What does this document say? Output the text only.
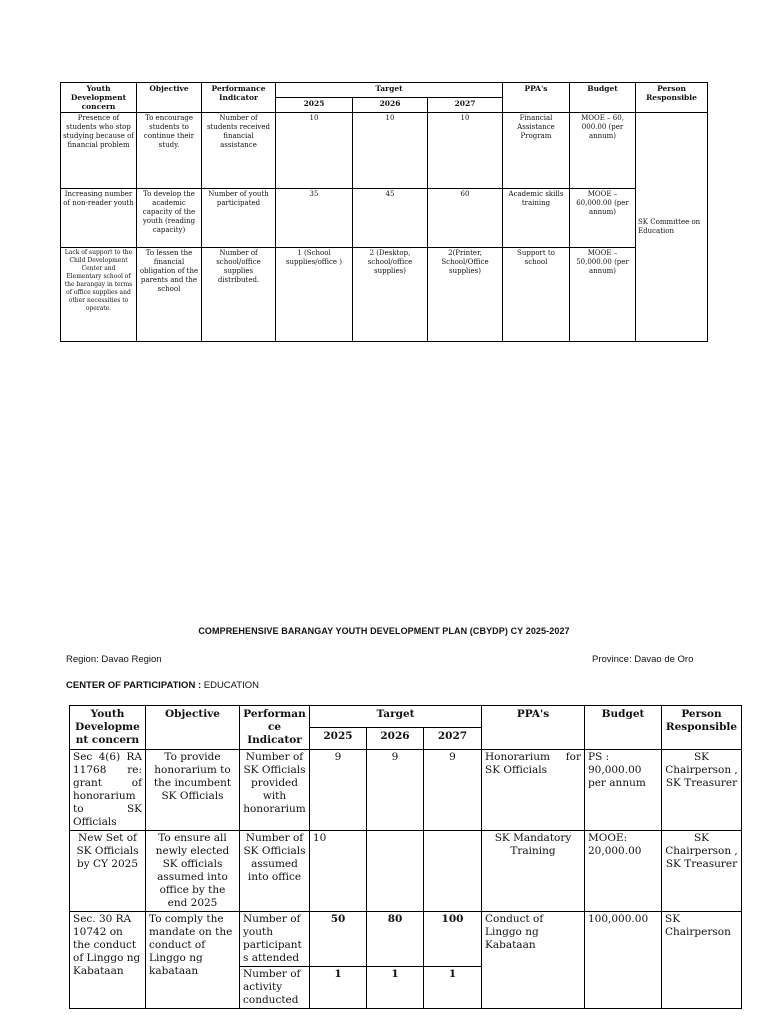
Youth Development concern	Objective	Performance Indicator	Target			PPA's	Budget	Person Responsible
			2025	2026	2027			
Presence of students who stop studying because of financial problem	To encourage students to continue their study.	Number of students received financial assistance	10	10	10	Financial Assistance Program	MOOE – 60, 000.00 (per annum)	SK Committee on Education
Increasing number of non-reader youth	To develop the academic capacity of the youth (reading capacity)	Number of youth participated	35	45	60	Academic skills training	MOOE – 60,000.00 (per annum)	
Lack of support to the Child Development Center and Elementary school of the barangay in terms of office supplies and other necessities to operate.	To lessen the financial obligation of the parents and the school	Number of school/office supplies distributed.	1 (School supplies/office )	2 (Desktop, school/office supplies)	2(Printer, School/Office supplies)	Support to school	MOOE – 50,000.00 (per annum)	
COMPREHENSIVE BARANGAY YOUTH DEVELOPMENT PLAN (CBYDP) CY 2025-2027
Region: Davao Region	Province: Davao de Oro
CENTER OF PARTICIPATION : EDUCATION
Youth Developme nt concern	Objective	Performan ce Indicator	Target			PPA's	Budget	Person Responsible
			2025	2026	2027			
Sec 4(6) RA 11768 re: grant of honorarium to SK Officials	To provide honorarium to the incumbent SK Officials	Number of SK Officials provided with honorarium	9	9	9	Honorarium for SK Officials	PS : 90,000.00 per annum	SK Chairperson , SK Treasurer
New Set of SK Officials by CY 2025	To ensure all newly elected SK officials assumed into office by the end 2025	Number of SK Officials assumed into office	10			SK Mandatory Training	MOOE: 20,000.00	SK Chairperson , SK Treasurer
Sec. 30 RA 10742 on the conduct of Linggo ng Kabataan	To comply the mandate on the conduct of Linggo ng kabataan	Number of youth participant s attended	50	80	100	Conduct of Linggo ng Kabataan	100,000.00	SK Chairperson
		Number of activity conducted	1	1	1			
